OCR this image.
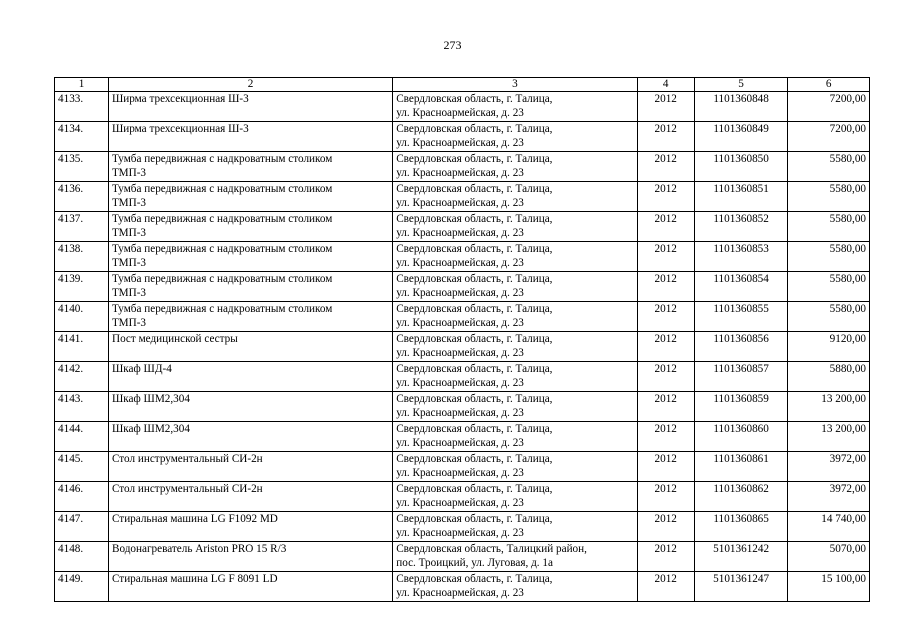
273
1	2	3	4	5	6
4133.	Ширма трехсекционная Ш-3	Свердловская область, г. Талица,
ул. Красноармейская, д. 23	2012	1101360848	7200,00
4134.	Ширма трехсекционная Ш-3	Свердловская область, г. Талица,
ул. Красноармейская, д. 23	2012	1101360849	7200,00
4135.	Тумба передвижная с надкроватным столиком
ТМП-3	Свердловская область, г. Талица,
ул. Красноармейская, д. 23	2012	1101360850	5580,00
4136.	Тумба передвижная с надкроватным столиком
ТМП-3	Свердловская область, г. Талица,
ул. Красноармейская, д. 23	2012	1101360851	5580,00
4137.	Тумба передвижная с надкроватным столиком
ТМП-3	Свердловская область, г. Талица,
ул. Красноармейская, д. 23	2012	1101360852	5580,00
4138.	Тумба передвижная с надкроватным столиком
ТМП-3	Свердловская область, г. Талица,
ул. Красноармейская, д. 23	2012	1101360853	5580,00
4139.	Тумба передвижная с надкроватным столиком
ТМП-3	Свердловская область, г. Талица,
ул. Красноармейская, д. 23	2012	1101360854	5580,00
4140.	Тумба передвижная с надкроватным столиком
ТМП-3	Свердловская область, г. Талица,
ул. Красноармейская, д. 23	2012	1101360855	5580,00
4141.	Пост медицинской сестры	Свердловская область, г. Талица,
ул. Красноармейская, д. 23	2012	1101360856	9120,00
4142.	Шкаф ШД-4	Свердловская область, г. Талица,
ул. Красноармейская, д. 23	2012	1101360857	5880,00
4143.	Шкаф ШМ2,304	Свердловская область, г. Талица,
ул. Красноармейская, д. 23	2012	1101360859	13 200,00
4144.	Шкаф ШМ2,304	Свердловская область, г. Талица,
ул. Красноармейская, д. 23	2012	1101360860	13 200,00
4145.	Стол инструментальный СИ-2н	Свердловская область, г. Талица,
ул. Красноармейская, д. 23	2012	1101360861	3972,00
4146.	Стол инструментальный СИ-2н	Свердловская область, г. Талица,
ул. Красноармейская, д. 23	2012	1101360862	3972,00
4147.	Стиральная машина LG F1092 MD	Свердловская область, г. Талица,
ул. Красноармейская, д. 23	2012	1101360865	14 740,00
4148.	Водонагреватель Ariston PRO 15 R/3	Свердловская область, Талицкий район,
пос. Троицкий, ул. Луговая, д. 1а	2012	5101361242	5070,00
4149.	Стиральная машина LG F 8091 LD	Свердловская область, г. Талица,
ул. Красноармейская, д. 23	2012	5101361247	15 100,00
